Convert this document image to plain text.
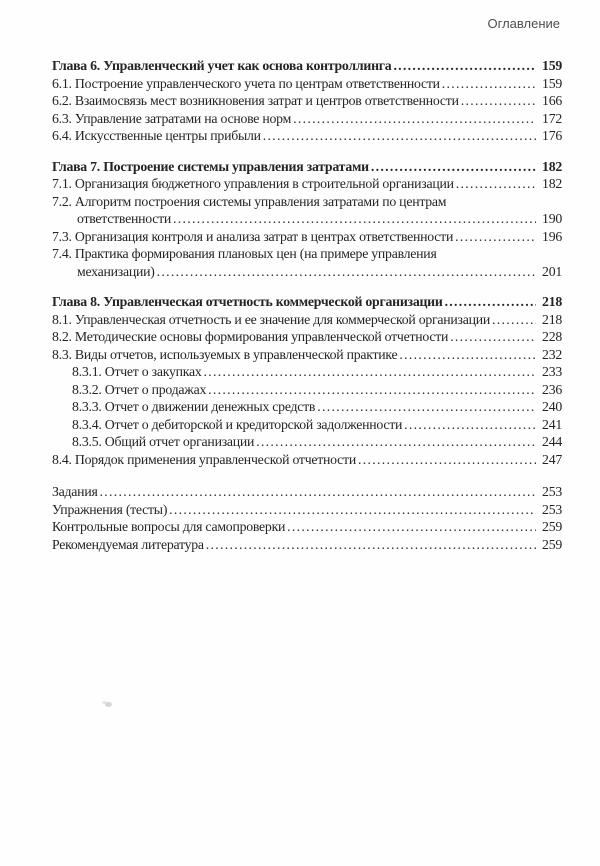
Оглавление
Глава 6. Управленческий учет как основа контроллинга .....	159
6.1. Построение управленческого учета по центрам ответственности .....	159
6.2. Взаимосвязь мест возникновения затрат и центров ответственности .....	166
6.3. Управление затратами на основе норм .....	172
6.4. Искусственные центры прибыли .....	176
Глава 7. Построение системы управления затратами .....	182
7.1. Организация бюджетного управления в строительной организации .....	182
7.2. Алгоритм построения системы управления затратами по центрам
ответственности .....	190
7.3. Организация контроля и анализа затрат в центрах ответственности .....	196
7.4. Практика формирования плановых цен (на примере управления
механизации) .....	201
Глава 8. Управленческая отчетность коммерческой организации .....	218
8.1. Управленческая отчетность и ее значение для коммерческой организации .....	218
8.2. Методические основы формирования управленческой отчетности .....	228
8.3. Виды отчетов, используемых в управленческой практике .....	232
8.3.1. Отчет о закупках .....	233
8.3.2. Отчет о продажах .....	236
8.3.3. Отчет о движении денежных средств .....	240
8.3.4. Отчет о дебиторской и кредиторской задолженности .....	241
8.3.5. Общий отчет организации .....	244
8.4. Порядок применения управленческой отчетности .....	247
Задания .....	253
Упражнения (тесты) .....	253
Контрольные вопросы для самопроверки .....	259
Рекомендуемая литература .....	259
